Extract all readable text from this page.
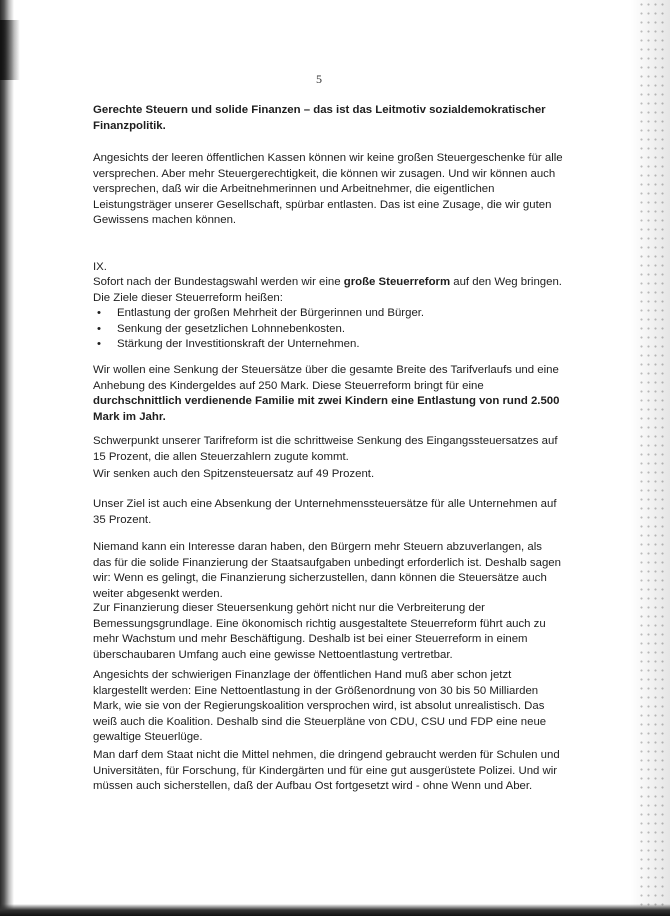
5
Gerechte Steuern und solide Finanzen – das ist das Leitmotiv sozialdemokratischer Finanzpolitik.
Angesichts der leeren öffentlichen Kassen können wir keine großen Steuergeschenke für alle versprechen. Aber mehr Steuergerechtigkeit, die können wir zusagen. Und wir können auch versprechen, daß wir die Arbeitnehmerinnen und Arbeitnehmer, die eigentlichen Leistungsträger unserer Gesellschaft, spürbar entlasten. Das ist eine Zusage, die wir guten Gewissens machen können.
IX.
Sofort nach der Bundestagswahl werden wir eine große Steuerreform auf den Weg bringen.
Die Ziele dieser Steuerreform heißen:
• Entlastung der großen Mehrheit der Bürgerinnen und Bürger.
• Senkung der gesetzlichen Lohnnebenkosten.
• Stärkung der Investitionskraft der Unternehmen.
Wir wollen eine Senkung der Steuersätze über die gesamte Breite des Tarifverlaufs und eine Anhebung des Kindergeldes auf 250 Mark. Diese Steuerreform bringt für eine
durchschnittlich verdienende Familie mit zwei Kindern eine Entlastung von rund 2.500 Mark im Jahr.
Schwerpunkt unserer Tarifreform ist die schrittweise Senkung des Eingangssteuersatzes auf 15 Prozent, die allen Steuerzahlern zugute kommt.
Wir senken auch den Spitzensteuersatz auf 49 Prozent.
Unser Ziel ist auch eine Absenkung der Unternehmenssteuersätze für alle Unternehmen auf 35 Prozent.
Niemand kann ein Interesse daran haben, den Bürgern mehr Steuern abzuverlangen, als das für die solide Finanzierung der Staatsaufgaben unbedingt erforderlich ist. Deshalb sagen wir: Wenn es gelingt, die Finanzierung sicherzustellen, dann können die Steuersätze auch weiter abgesenkt werden.
Zur Finanzierung dieser Steuersenkung gehört nicht nur die Verbreiterung der Bemessungsgrundlage. Eine ökonomisch richtig ausgestaltete Steuerreform führt auch zu mehr Wachstum und mehr Beschäftigung. Deshalb ist bei einer Steuerreform in einem überschaubaren Umfang auch eine gewisse Nettoentlastung vertretbar.
Angesichts der schwierigen Finanzlage der öffentlichen Hand muß aber schon jetzt klargestellt werden: Eine Nettoentlastung in der Größenordnung von 30 bis 50 Milliarden Mark, wie sie von der Regierungskoalition versprochen wird, ist absolut unrealistisch. Das weiß auch die Koalition. Deshalb sind die Steuerpläne von CDU, CSU und FDP eine neue gewaltige Steuerlüge.
Man darf dem Staat nicht die Mittel nehmen, die dringend gebraucht werden für Schulen und Universitäten, für Forschung, für Kindergärten und für eine gut ausgerüstete Polizei. Und wir müssen auch sicherstellen, daß der Aufbau Ost fortgesetzt wird - ohne Wenn und Aber.
